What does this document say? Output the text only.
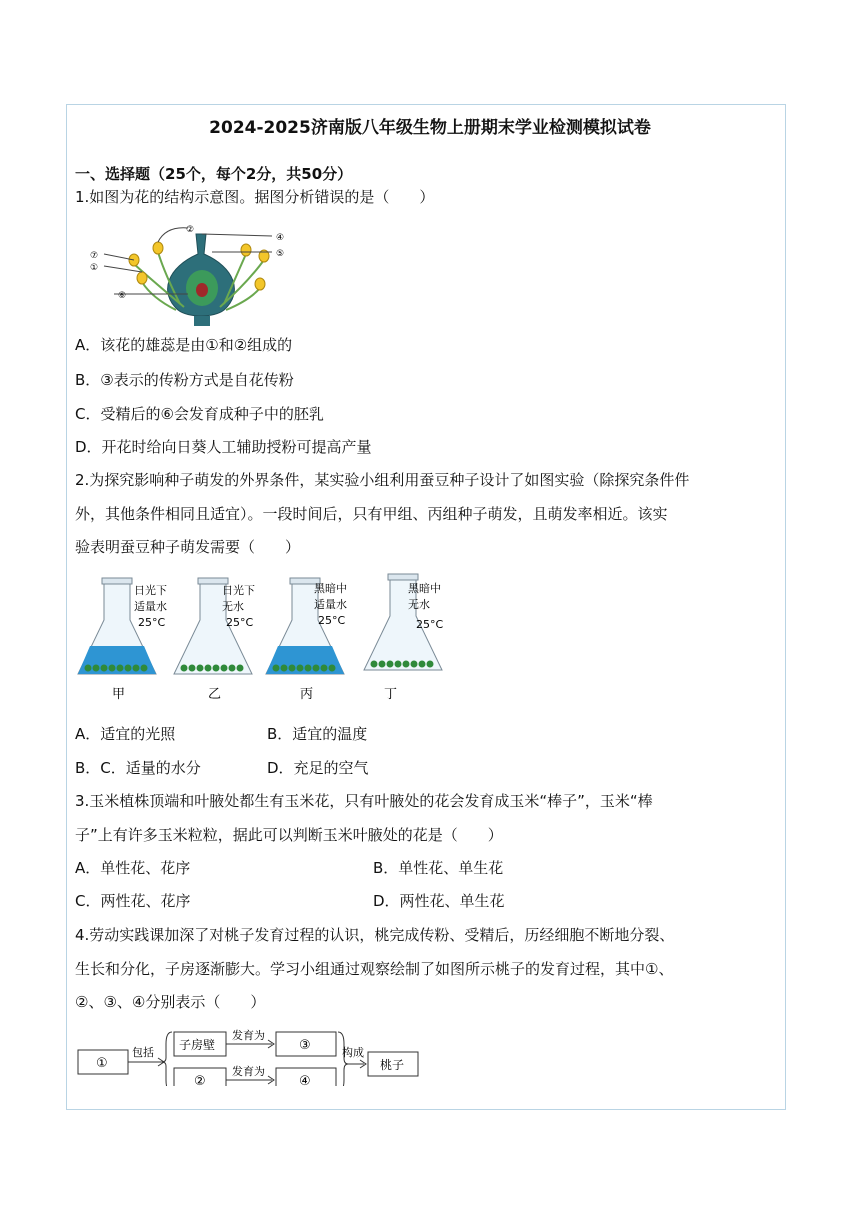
2024-2025济南版八年级生物上册期末学业检测模拟试卷
一、选择题（25个，每个2分，共50分）
1.如图为花的结构示意图。据图分析错误的是（　　）
②
④
⑤
⑦
①
⑥
A．该花的雄蕊是由①和②组成的
B．③表示的传粉方式是自花传粉
C．受精后的⑥会发育成种子中的胚乳
D．开花时给向日葵人工辅助授粉可提高产量
2.为探究影响种子萌发的外界条件，某实验小组利用蚕豆种子设计了如图实验（除探究条件件
外，其他条件相同且适宜）。一段时间后，只有甲组、丙组种子萌发，且萌发率相近。该实
验表明蚕豆种子萌发需要（　　）
日光下
适量水
25°C
甲
日光下
无水
25°C
乙
黑暗中
适量水
25°C
丙
黑暗中
无水
25°C
丁
A．适宜的光照	B．适宜的温度
B．C．适量的水分	D．充足的空气
3.玉米植株顶端和叶腋处都生有玉米花，只有叶腋处的花会发育成玉米“棒子”，玉米“棒
子”上有许多玉米粒粒，据此可以判断玉米叶腋处的花是（　　）
A．单性花、花序	B．单性花、单生花
C．两性花、花序	D．两性花、单生花
4.劳动实践课加深了对桃子发育过程的认识，桃完成传粉、受精后，历经细胞不断地分裂、
生长和分化，子房逐渐膨大。学习小组通过观察绘制了如图所示桃子的发育过程，其中①、
②、③、④分别表示（　　）
①
包括
子房壁
②
发育为
发育为
③
④
构成
桃子
